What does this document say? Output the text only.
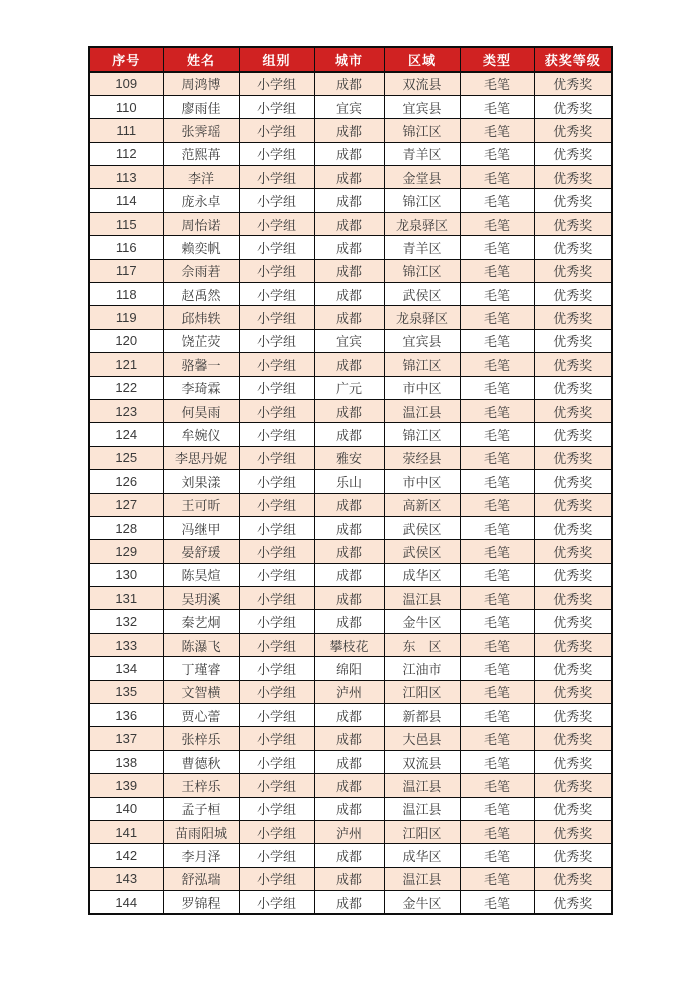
序号	姓名	组别	城市	区域	类型	获奖等级
109	周鸿博	小学组	成都	双流县	毛笔	优秀奖
110	廖雨佳	小学组	宜宾	宜宾县	毛笔	优秀奖
111	张霁瑶	小学组	成都	锦江区	毛笔	优秀奖
112	范熙苒	小学组	成都	青羊区	毛笔	优秀奖
113	李洋	小学组	成都	金堂县	毛笔	优秀奖
114	庞永卓	小学组	成都	锦江区	毛笔	优秀奖
115	周怡诺	小学组	成都	龙泉驿区	毛笔	优秀奖
116	赖奕帆	小学组	成都	青羊区	毛笔	优秀奖
117	佘雨莙	小学组	成都	锦江区	毛笔	优秀奖
118	赵禹然	小学组	成都	武侯区	毛笔	优秀奖
119	邱炜轶	小学组	成都	龙泉驿区	毛笔	优秀奖
120	饶芷荧	小学组	宜宾	宜宾县	毛笔	优秀奖
121	骆馨一	小学组	成都	锦江区	毛笔	优秀奖
122	李琦霖	小学组	广元	市中区	毛笔	优秀奖
123	何昊雨	小学组	成都	温江县	毛笔	优秀奖
124	牟婉仪	小学组	成都	锦江区	毛笔	优秀奖
125	李思丹妮	小学组	雅安	荥经县	毛笔	优秀奖
126	刘果漾	小学组	乐山	市中区	毛笔	优秀奖
127	王可昕	小学组	成都	高新区	毛笔	优秀奖
128	冯继甲	小学组	成都	武侯区	毛笔	优秀奖
129	晏舒瑗	小学组	成都	武侯区	毛笔	优秀奖
130	陈昊煊	小学组	成都	成华区	毛笔	优秀奖
131	吴玥溪	小学组	成都	温江县	毛笔	优秀奖
132	秦艺炯	小学组	成都	金牛区	毛笔	优秀奖
133	陈瀑飞	小学组	攀枝花	东　区	毛笔	优秀奖
134	丁瑾睿	小学组	绵阳	江油市	毛笔	优秀奖
135	文智横	小学组	泸州	江阳区	毛笔	优秀奖
136	贾心蕾	小学组	成都	新都县	毛笔	优秀奖
137	张梓乐	小学组	成都	大邑县	毛笔	优秀奖
138	曹德秋	小学组	成都	双流县	毛笔	优秀奖
139	王梓乐	小学组	成都	温江县	毛笔	优秀奖
140	孟子桓	小学组	成都	温江县	毛笔	优秀奖
141	苗雨阳城	小学组	泸州	江阳区	毛笔	优秀奖
142	李月泽	小学组	成都	成华区	毛笔	优秀奖
143	舒泓瑞	小学组	成都	温江县	毛笔	优秀奖
144	罗锦程	小学组	成都	金牛区	毛笔	优秀奖
